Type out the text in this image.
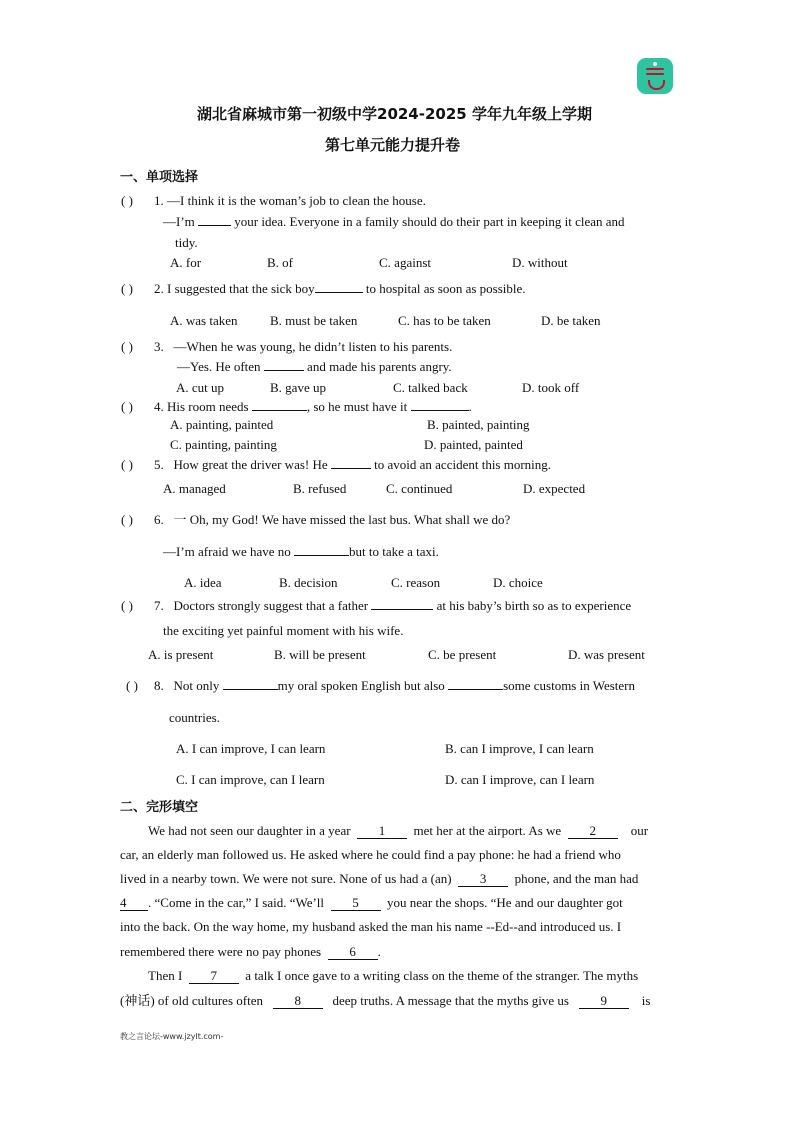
湖北省麻城市第一初级中学2024-2025 学年九年级上学期
第七单元能力提升卷
一、单项选择
( ) 1. —I think it is the woman’s job to clean the house.
—I’m	your idea. Everyone in a family should do their part in keeping it clean and
tidy.
A. for	B. of	C. against	D. without
( ) 2. I suggested that the sick boy	to hospital as soon as possible.
A. was taken B. must be taken	C. has to be taken	D. be taken
( ) 3. —When he was young, he didn’t listen to his parents.
—Yes. He often	and made his parents angry.
A. cut up	B. gave up	C. talked back	D. took off
( ) 4. His room needs	, so he must have it	.
A. painting, painted	B. painted, painting
C. painting, painting	D. painted, painted
( ) 5. How great the driver was! He	to avoid an accident this morning.
A. managed	B. refused	C. continued	D. expected
( ) 6. 一 Oh, my God! We have missed the last bus. What shall we do?
—I’m afraid we have no	but to take a taxi.
A. idea	B. decision	C. reason	D. choice
( ) 7. Doctors strongly suggest that a father	at his baby’s birth so as to experience
the exciting yet painful moment with his wife.
A. is present	B. will be present	C. be present	D. was present
( ) 8. Not only	my oral spoken English but also	some customs in Western
countries.
A. I can improve, I can learn	B. can I improve, I can learn
C. I can improve, can I learn	D. can I improve, can I learn
二、完形填空
We had not seen our daughter in a year 1 met her at the airport. As we 2	our
car, an elderly man followed us. He asked where he could find a pay phone: he had a friend who
lived in a nearby town. We were not sure. None of us had a (an) 3 phone, and the man had
4 . “Come in the car,” I said. “We’ll 5 you near the shops. “He and our daughter got
into the back. On the way home, my husband asked the man his name --Ed--and introduced us. I
remembered there were no pay phones 6 .
Then I 7 a talk I once gave to a writing class on the theme of the stranger. The myths
(神话) of old cultures often 8 deep truths. A message that the myths give us 9	is
教之言论坛-www.jzylt.com-
